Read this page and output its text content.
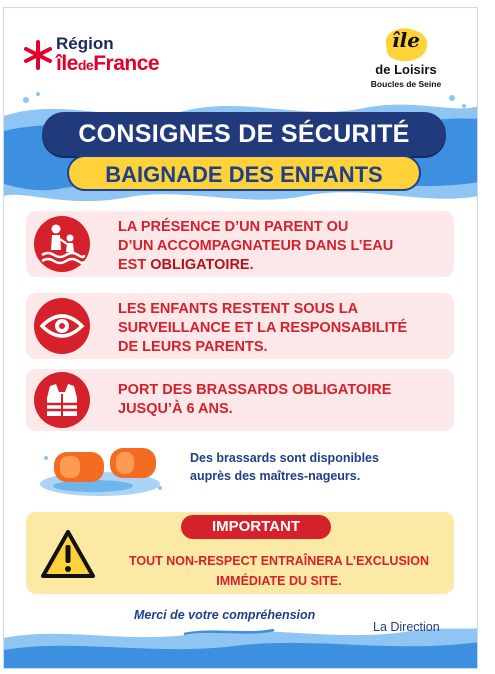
Région
îledeFrance
île
de Loisirs
Boucles de Seine
CONSIGNES DE SÉCURITÉ
BAIGNADE DES ENFANTS
LA PRÉSENCE D’UN PARENT OU
D’UN ACCOMPAGNATEUR DANS L’EAU
EST OBLIGATOIRE.
LES ENFANTS RESTENT SOUS LA
SURVEILLANCE ET LA RESPONSABILITÉ
DE LEURS PARENTS.
PORT DES BRASSARDS OBLIGATOIRE
JUSQU’À 6 ANS.
Des brassards sont disponibles
auprès des maîtres-nageurs.
IMPORTANT
TOUT NON-RESPECT ENTRAÎNERA L’EXCLUSION
IMMÉDIATE DU SITE.
Merci de votre compréhension
La Direction
